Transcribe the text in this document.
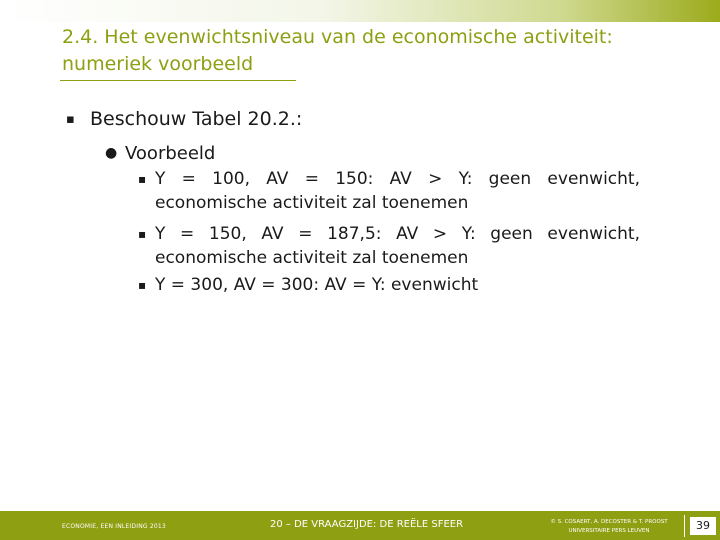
2.4. Het evenwichtsniveau van de economische activiteit: numeriek voorbeeld
▪ Beschouw Tabel 20.2.:
● Voorbeeld
▪ Y = 100, AV = 150: AV > Y: geen evenwicht,
economische activiteit zal toenemen
▪ Y = 150, AV = 187,5: AV > Y: geen evenwicht,
economische activiteit zal toenemen
▪ Y = 300, AV = 300: AV = Y: evenwicht
ECONOMIE, EEN INLEIDING 2013	20 – DE VRAAGZIJDE: DE REËLE SFEER	© S. COSAERT, A. DECOSTER & T. PROOST
UNIVERSITAIRE PERS LEUVEN	39
